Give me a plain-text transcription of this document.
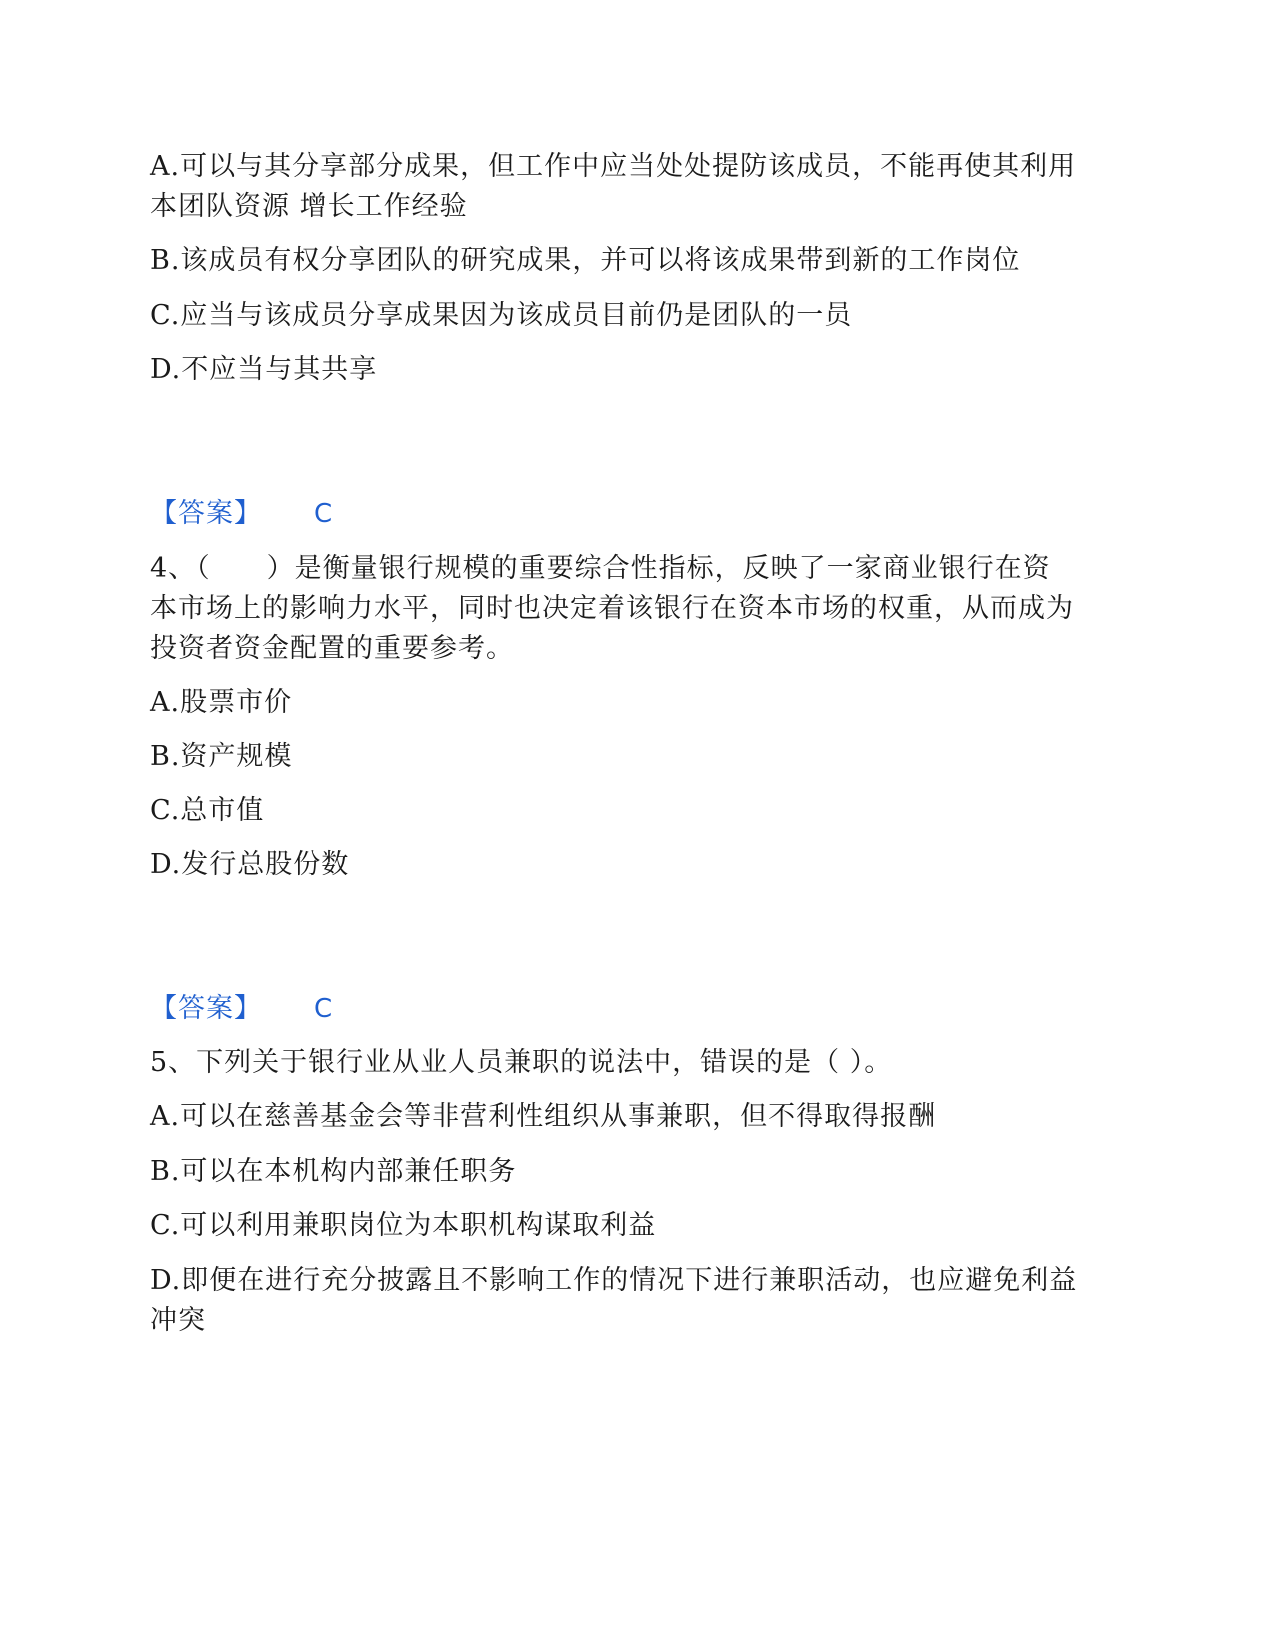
A.可以与其分享部分成果，但工作中应当处处提防该成员，不能再使其利用
本团队资源 增长工作经验
B.该成员有权分享团队的研究成果，并可以将该成果带到新的工作岗位
C.应当与该成员分享成果因为该成员目前仍是团队的一员
D.不应当与其共享
【答案】 C
4、（　　）是衡量银行规模的重要综合性指标，反映了一家商业银行在资
本市场上的影响力水平，同时也决定着该银行在资本市场的权重，从而成为
投资者资金配置的重要参考。
A.股票市价
B.资产规模
C.总市值
D.发行总股份数
【答案】 C
5、下列关于银行业从业人员兼职的说法中，错误的是（ ）。
A.可以在慈善基金会等非营利性组织从事兼职，但不得取得报酬
B.可以在本机构内部兼任职务
C.可以利用兼职岗位为本职机构谋取利益
D.即便在进行充分披露且不影响工作的情况下进行兼职活动，也应避免利益
冲突
